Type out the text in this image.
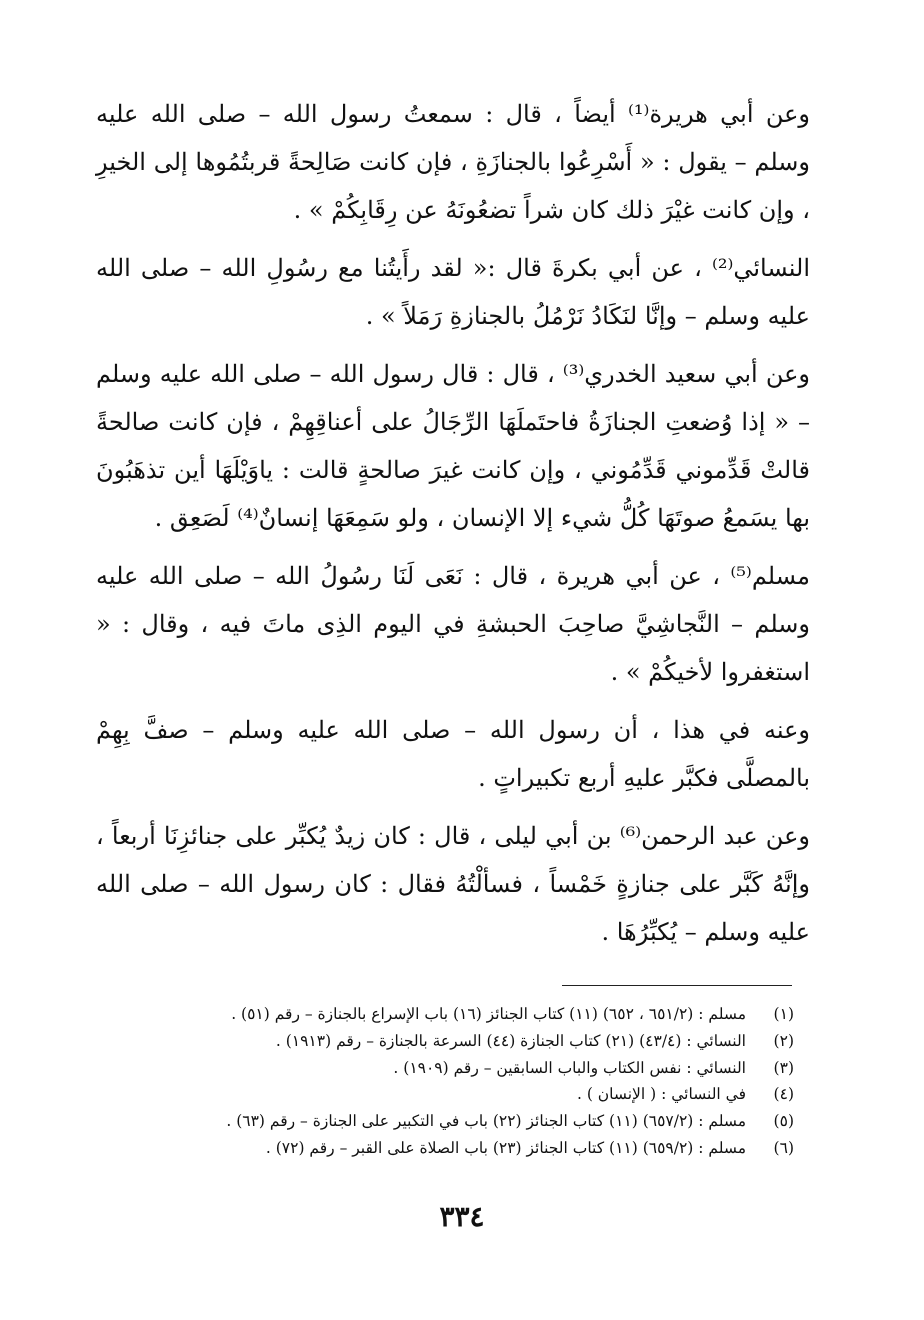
وعن أبي هريرة⁽¹⁾ أيضاً ، قال : سمعتُ رسول الله – صلى الله عليه وسلم – يقول : « أَسْرِعُوا بالجنازَةِ ، فإن كانت صَالِحةً قربتُمُوها إلى الخيرِ ، وإن كانت غيْرَ ذلك كان شراً تضعُونَهُ عن رِقَابِكُمْ » .

النسائي⁽²⁾ ، عن أبي بكرةَ قال :« لقد رأَيتُنا مع رسُولِ الله – صلى الله عليه وسلم – وإنَّا لنَكَادُ نَرْمُلُ بالجنازةِ رَمَلاً » .

وعن أبي سعيد الخدري⁽³⁾ ، قال : قال رسول الله – صلى الله عليه وسلم – « إذا وُضعتِ الجنازَةُ فاحتَملَهَا الرِّجَالُ على أعناقِهِمْ ، فإن كانت صالحةً قالتْ قَدِّموني قَدِّمُوني ، وإن كانت غيرَ صالحةٍ قالت : ياوَيْلَهَا أين تذهَبُونَ بها يسَمعُ صوتَهَا كُلُّ شيء إلا الإنسان ، ولو سَمِعَهَا إنسانٌ⁽⁴⁾ لَصَعِق .

مسلم⁽⁵⁾ ، عن أبي هريرة ، قال : نَعَى لَنَا رسُولُ الله – صلى الله عليه وسلم – النَّجاشِيَّ صاحِبَ الحبشةِ في اليوم الذِى ماتَ فيه ، وقال : « استغفروا لأخيكُمْ » .

وعنه في هذا ، أن رسول الله – صلى الله عليه وسلم – صفَّ بِهِمْ بالمصلَّى فكبَّر عليهِ أربع تكبيراتٍ .

وعن عبد الرحمن⁽⁶⁾ بن أبي ليلى ، قال : كان زيدٌ يُكبِّر على جنائزِنَا أربعاً ، وإنَّهُ كَبَّر على جنازةٍ خَمْساً ، فسألْتُهُ فقال : كان رسول الله – صلى الله عليه وسلم – يُكبِّرُهَا .

(١)
مسلم : (٦٥١/٢ ، ٦٥٢) (١١) كتاب الجنائز (١٦) باب الإسراع بالجنازة – رقم (٥١) .
(٢)
النسائي : (٤٣/٤) (٢١) كتاب الجنازة (٤٤) السرعة بالجنازة – رقم (١٩١٣) .
(٣)
النسائي : نفس الكتاب والباب السابقين – رقم (١٩٠٩) .
(٤)
في النسائي : ( الإنسان ) .
(٥)
مسلم : (٦٥٧/٢) (١١) كتاب الجنائز (٢٢) باب في التكبير على الجنازة – رقم (٦٣) .
(٦)
مسلم : (٦٥٩/٢) (١١) كتاب الجنائز (٢٣) باب الصلاة على القبر – رقم (٧٢) .
٣٣٤
